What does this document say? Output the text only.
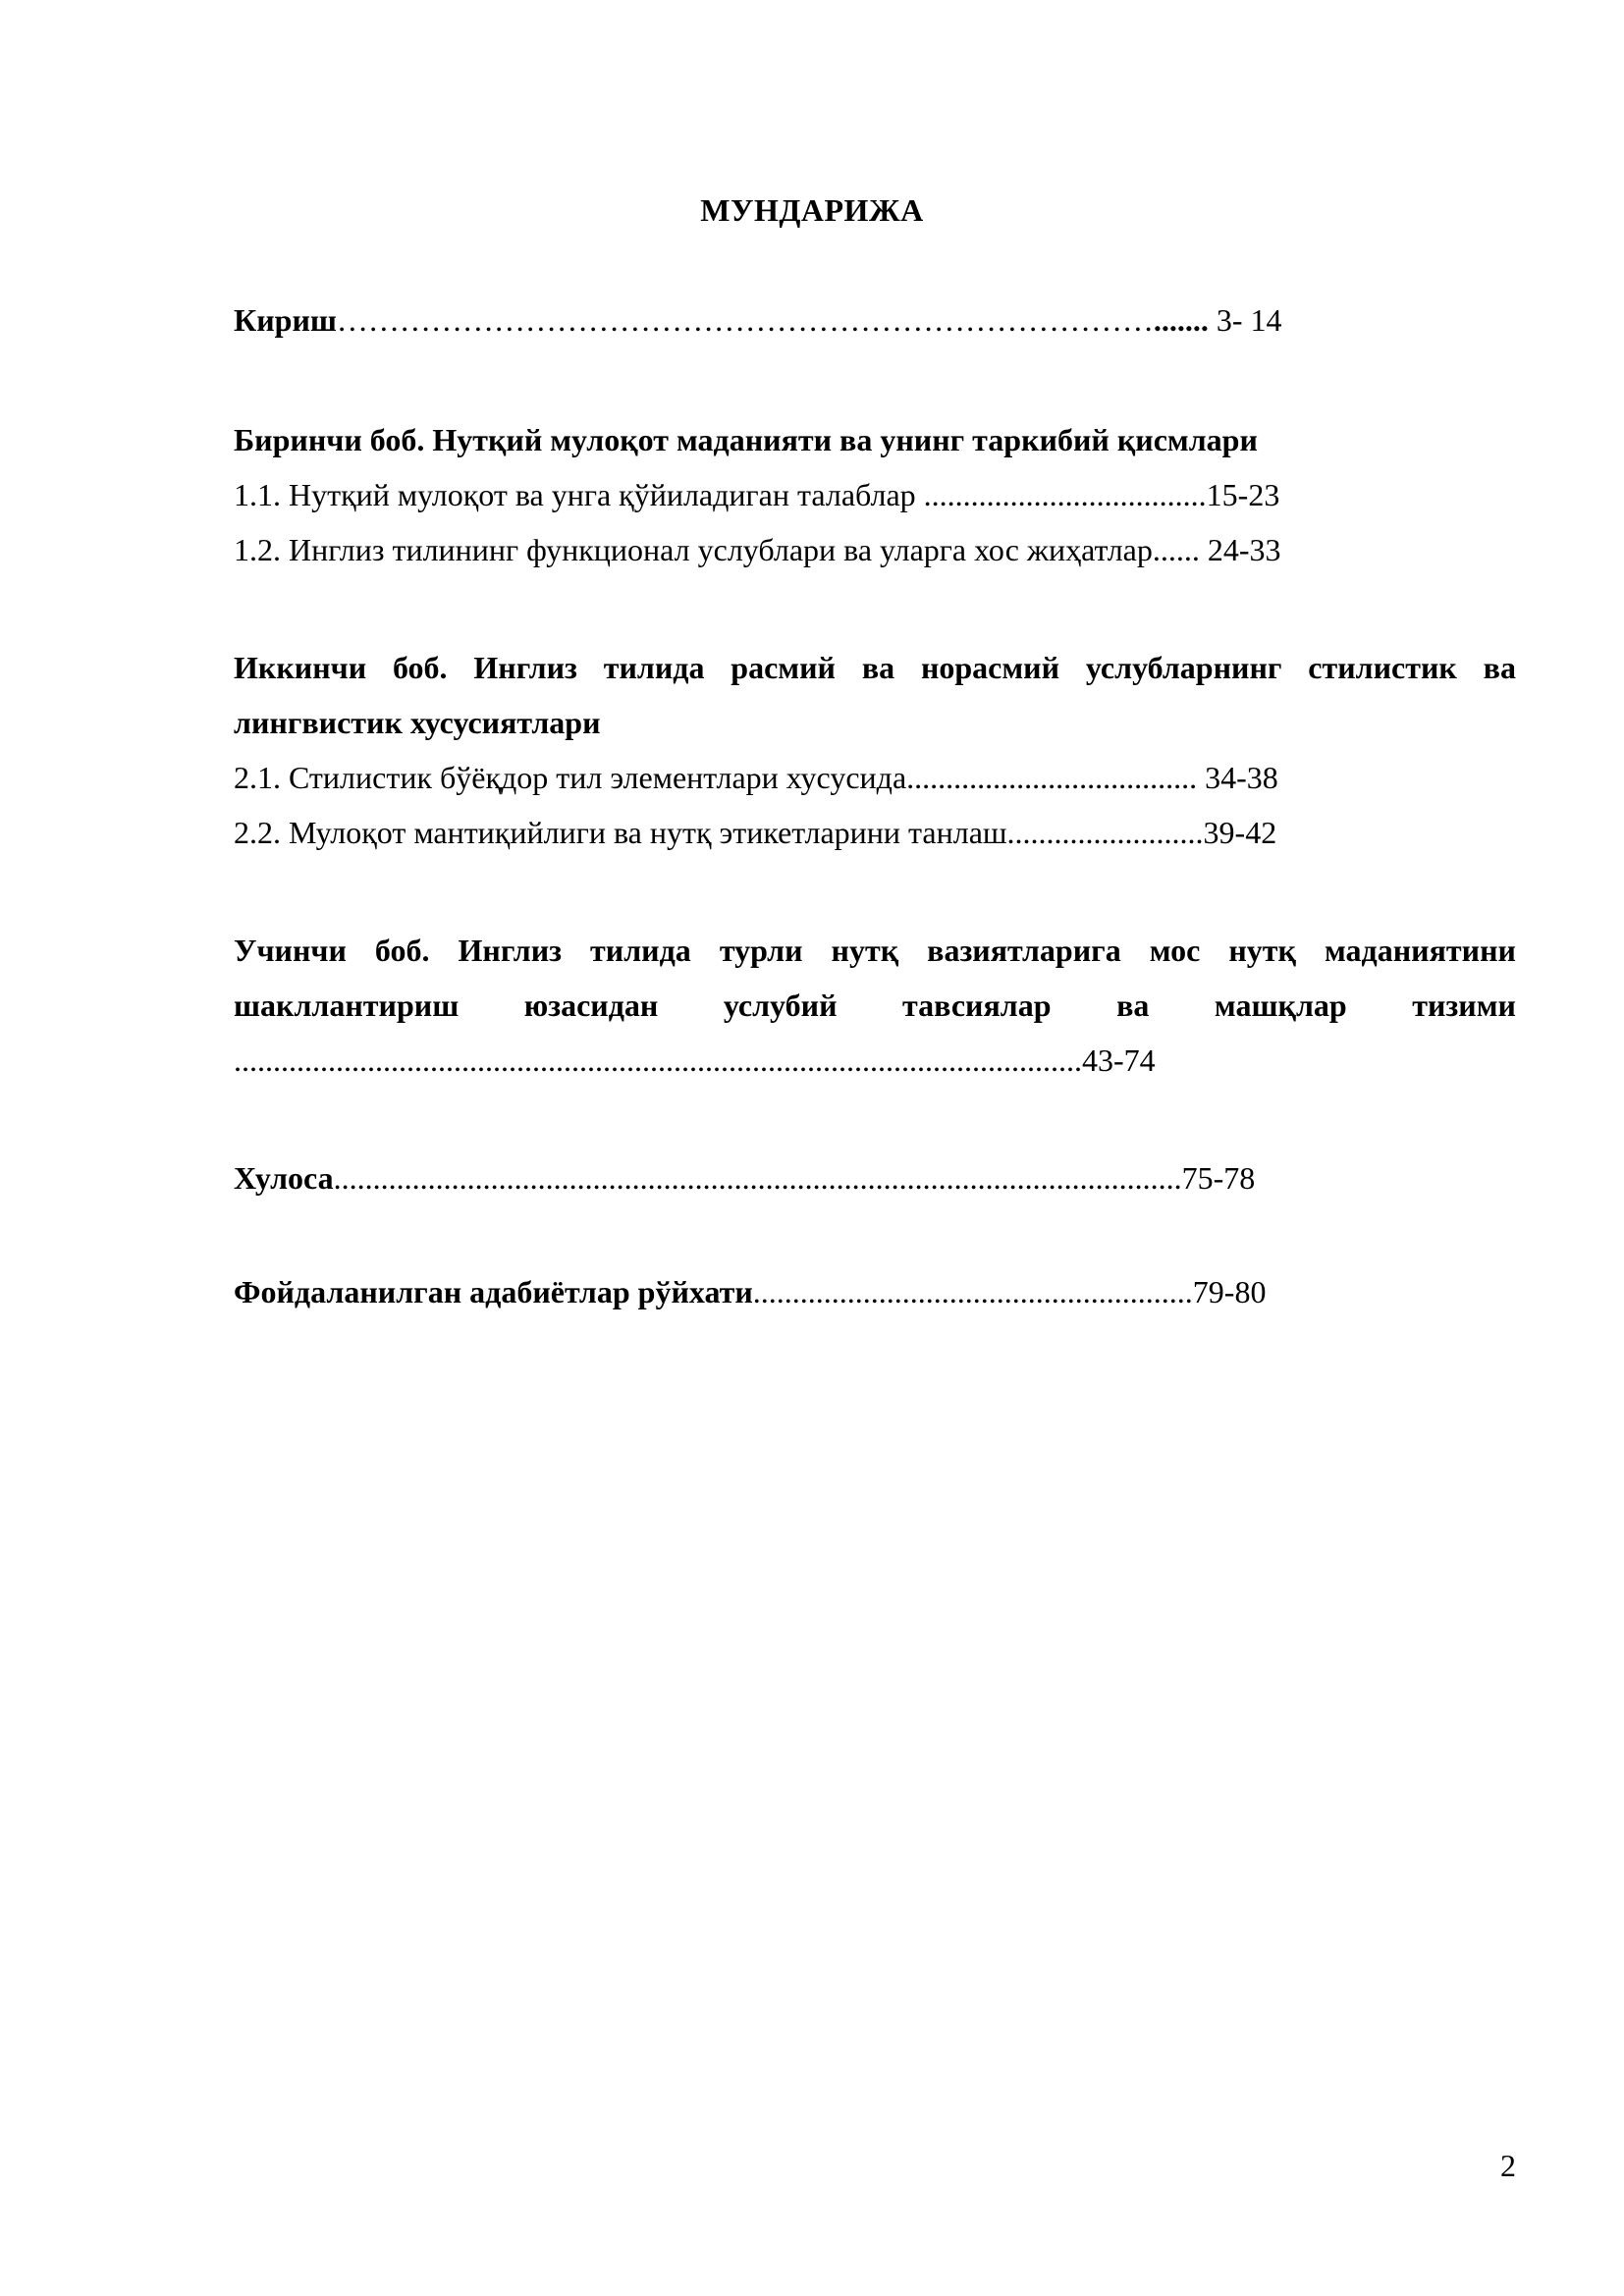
МУНДАРИЖА
Кириш……………………………………………………………………....... 3- 14
Биринчи боб. Нутқий мулоқот маданияти ва унинг таркибий қисмлари
1.1. Нутқий мулоқот ва унга қўйиладиган талаблар ....................................15-23
1.2. Инглиз тилининг функционал услублари ва уларга хос жиҳатлар...... 24-33
Иккинчи боб. Инглиз тилида расмий ва норасмий услубларнинг стилистик ва
лингвистик хусусиятлари
2.1. Стилистик бўёқдор тил элементлари хусусида..................................... 34-38
2.2. Мулоқот мантиқийлиги ва нутқ этикетларини танлаш.........................39-42
Учинчи боб. Инглиз тилида турли нутқ вазиятларига мос нутқ маданиятини
шакллантириш юзасидан услубий тавсиялар ва машқлар тизими
............................................................................................................43-74
Хулоса............................................................................................................75-78
Фойдаланилган адабиётлар рўйхати........................................................79-80
2
